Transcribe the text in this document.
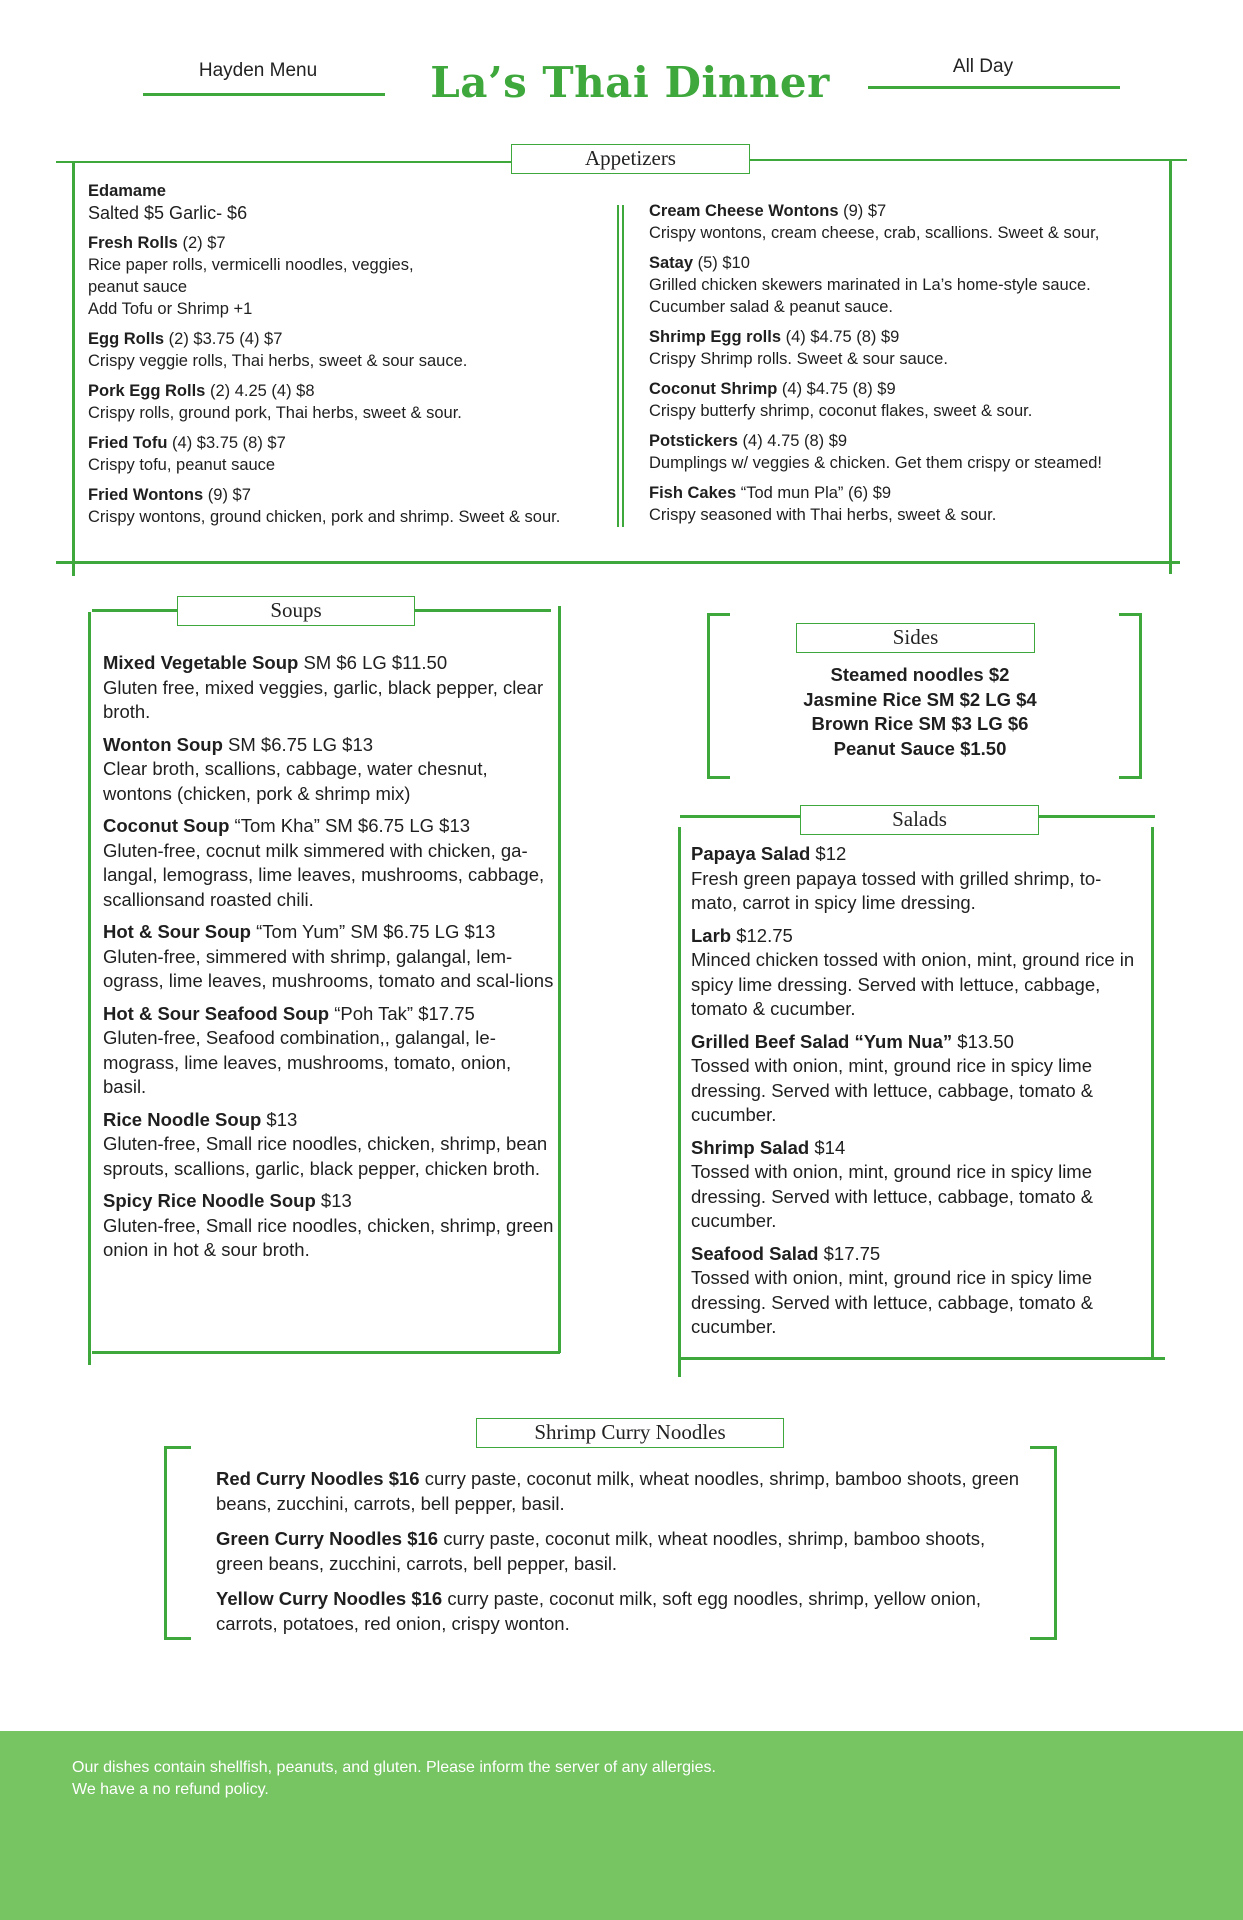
Hayden Menu	La’s Thai Dinner	All Day
Appetizers
Edamame
Salted $5 Garlic- $6
Fresh Rolls (2) $7
Rice paper rolls, vermicelli noodles, veggies, peanut sauce
Add Tofu or Shrimp +1
Egg Rolls (2) $3.75 (4) $7
Crispy veggie rolls, Thai herbs, sweet & sour sauce.
Pork Egg Rolls (2) 4.25 (4) $8
Crispy rolls, ground pork, Thai herbs, sweet & sour.
Fried Tofu (4) $3.75 (8) $7
Crispy tofu, peanut sauce
Fried Wontons (9) $7
Crispy wontons, ground chicken, pork and shrimp. Sweet & sour.
Cream Cheese Wontons (9) $7
Crispy wontons, cream cheese, crab, scallions. Sweet & sour,
Satay (5) $10
Grilled chicken skewers marinated in La’s home-style sauce. Cucumber salad & peanut sauce.
Shrimp Egg rolls (4) $4.75 (8) $9
Crispy Shrimp rolls. Sweet & sour sauce.
Coconut Shrimp (4) $4.75 (8) $9
Crispy butterfy shrimp, coconut flakes, sweet & sour.
Potstickers (4) 4.75 (8) $9
Dumplings w/ veggies & chicken. Get them crispy or steamed!
Fish Cakes “Tod mun Pla” (6) $9
Crispy seasoned with Thai herbs, sweet & sour.
Soups
Mixed Vegetable Soup SM $6 LG $11.50
Gluten free, mixed veggies, garlic, black pepper, clear broth.
Wonton Soup SM $6.75 LG $13
Clear broth, scallions, cabbage, water chesnut, wontons (chicken, pork & shrimp mix)
Coconut Soup “Tom Kha” SM $6.75 LG $13
Gluten-free, cocnut milk simmered with chicken, ga-langal, lemograss, lime leaves, mushrooms, cabbage, scallionsand roasted chili.
Hot & Sour Soup “Tom Yum” SM $6.75 LG $13
Gluten-free, simmered with shrimp, galangal, lem-ograss, lime leaves, mushrooms, tomato and scal-lions
Hot & Sour Seafood Soup “Poh Tak” $17.75
Gluten-free, Seafood combination,, galangal, le-mograss, lime leaves, mushrooms, tomato, onion, basil.
Rice Noodle Soup $13
Gluten-free, Small rice noodles, chicken, shrimp, bean sprouts, scallions, garlic, black pepper, chicken broth.
Spicy Rice Noodle Soup $13
Gluten-free, Small rice noodles, chicken, shrimp, green onion in hot & sour broth.
Sides
Steamed noodles $2
Jasmine Rice SM $2 LG $4
Brown Rice SM $3 LG $6
Peanut Sauce $1.50
Salads
Papaya Salad $12
Fresh green papaya tossed with grilled shrimp, to-mato, carrot in spicy lime dressing.
Larb $12.75
Minced chicken tossed with onion, mint, ground rice in spicy lime dressing. Served with lettuce, cabbage, tomato & cucumber.
Grilled Beef Salad “Yum Nua” $13.50
Tossed with onion, mint, ground rice in spicy lime dressing. Served with lettuce, cabbage, tomato & cucumber.
Shrimp Salad $14
Tossed with onion, mint, ground rice in spicy lime dressing. Served with lettuce, cabbage, tomato & cucumber.
Seafood Salad $17.75
Tossed with onion, mint, ground rice in spicy lime dressing. Served with lettuce, cabbage, tomato & cucumber.
Shrimp Curry Noodles
Red Curry Noodles $16 curry paste, coconut milk, wheat noodles, shrimp, bamboo shoots, green beans, zucchini, carrots, bell pepper, basil.
Green Curry Noodles $16 curry paste, coconut milk, wheat noodles, shrimp, bamboo shoots, green beans, zucchini, carrots, bell pepper, basil.
Yellow Curry Noodles $16 curry paste, coconut milk, soft egg noodles, shrimp, yellow onion, carrots, potatoes, red onion, crispy wonton.
Our dishes contain shellfish, peanuts, and gluten. Please inform the server of any allergies.
We have a no refund policy.
